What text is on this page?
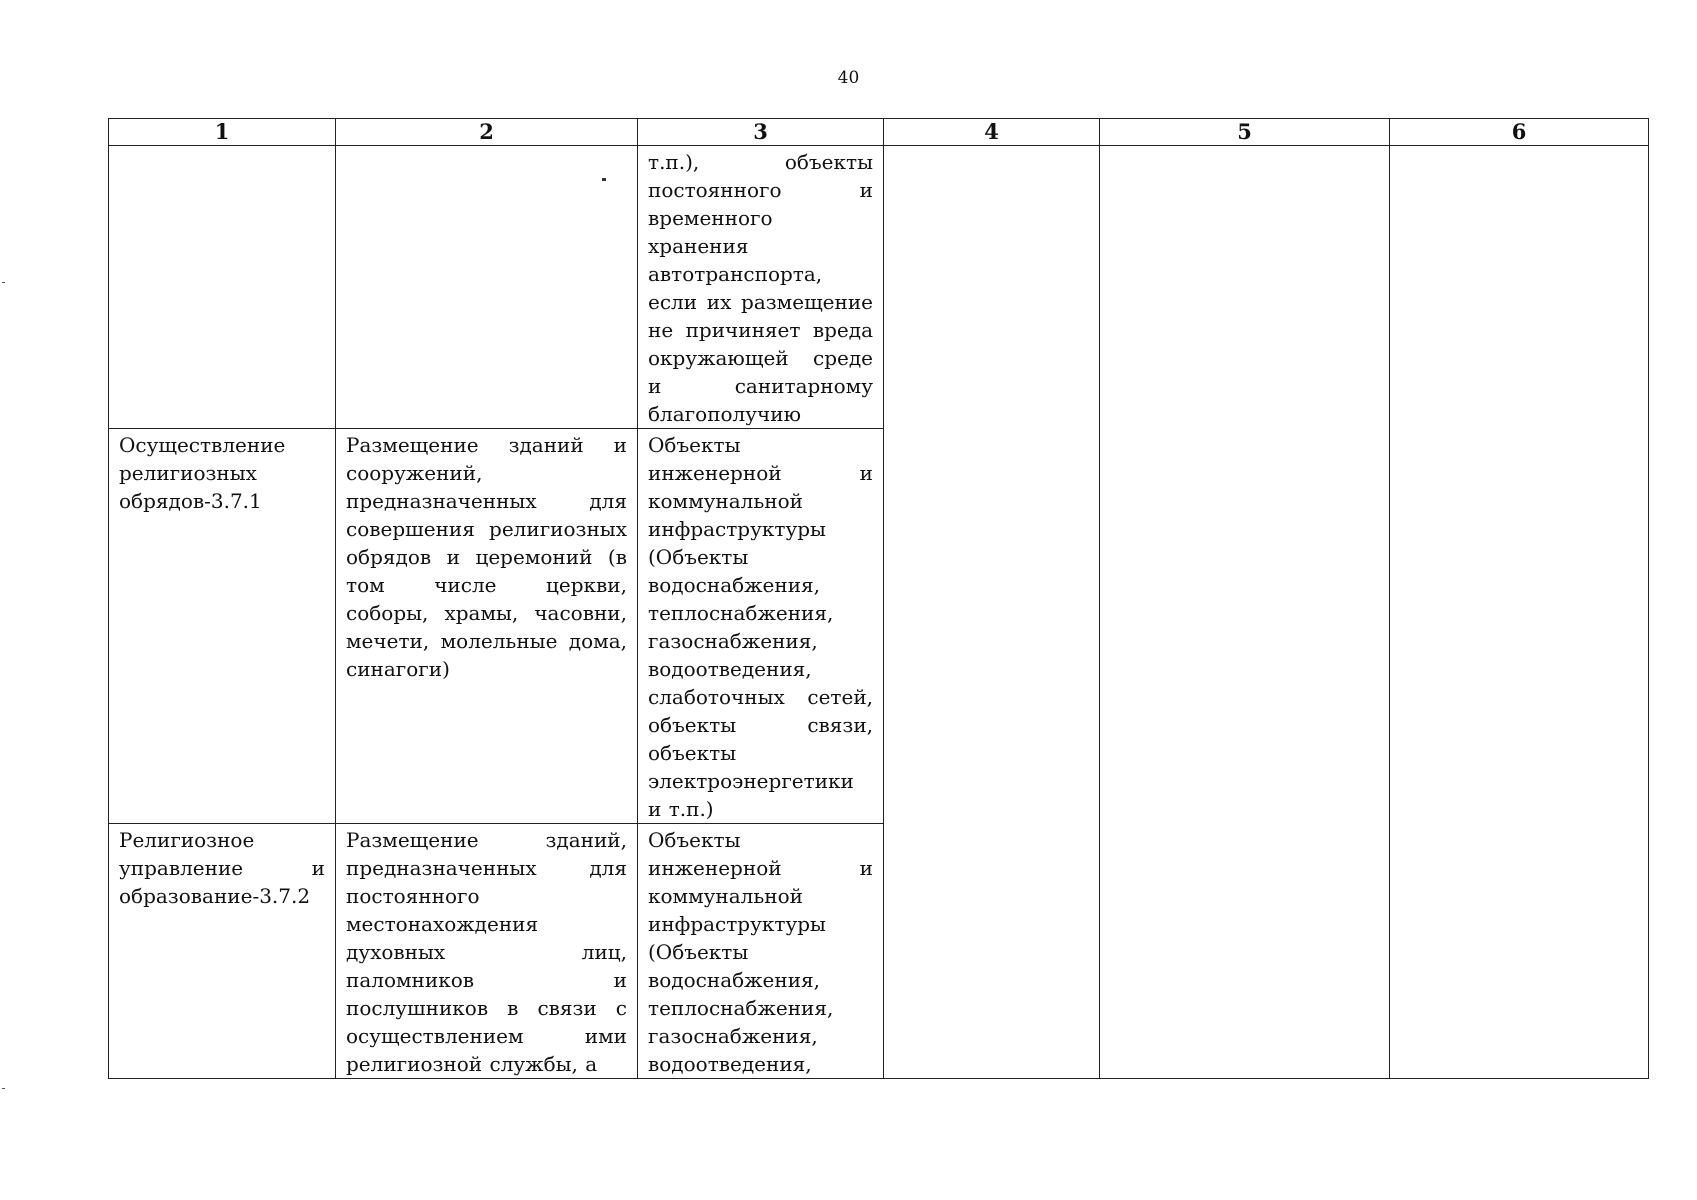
40
1	2	3	4	5	6

		т.п.), объекты постоянного и временного хранения автотранспорта, если их размещение не причиняет вреда окружающей среде и санитарному благополучию			

Осуществление религиозных обрядов-3.7.1	Размещение зданий и сооружений, предназначенных для совершения религиозных обрядов и церемоний (в том числе церкви, соборы, храмы, часовни, мечети, молельные дома, синагоги)	Объекты инженерной и коммунальной инфраструктуры (Объекты водоснабжения, теплоснабжения, газоснабжения, водоотведения, слаботочных сетей, объекты связи, объекты электроэнергетики и т.п.)			

Религиозное управление и образование-3.7.2	Размещение зданий, предназначенных для постоянного местонахождения духовных лиц, паломников и послушников в связи с осуществлением ими религиозной службы, а	Объекты инженерной и коммунальной инфраструктуры (Объекты водоснабжения, теплоснабжения, газоснабжения, водоотведения,			
